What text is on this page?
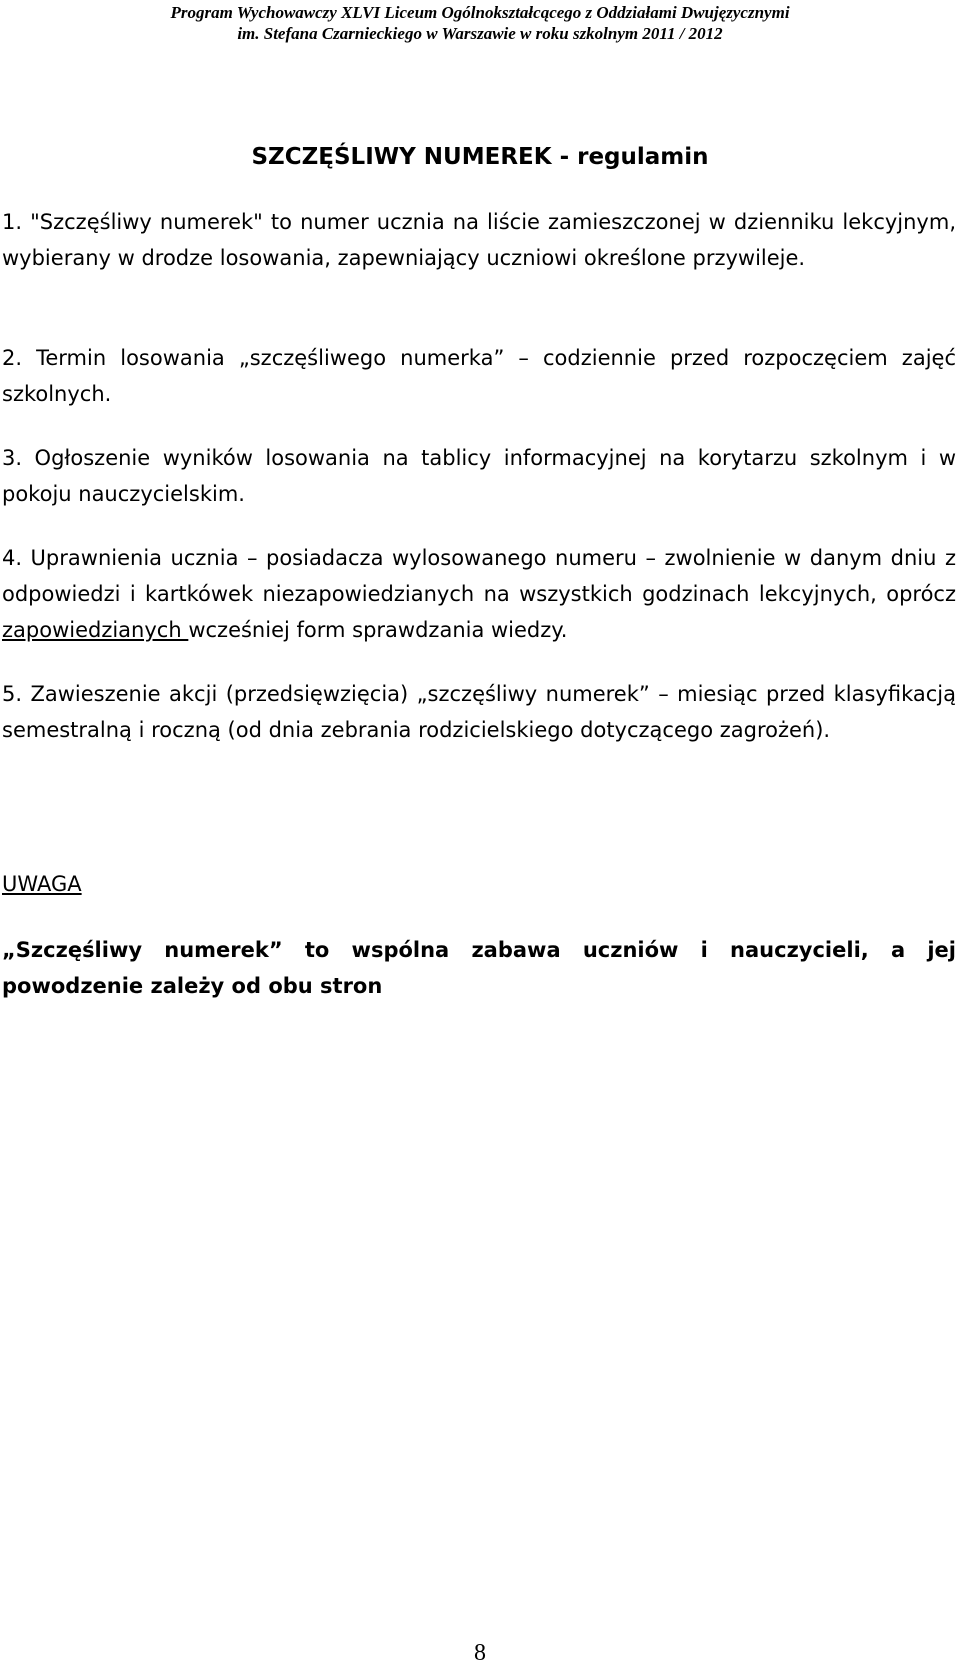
Program Wychowawczy XLVI Liceum Ogólnokształcącego z Oddziałami Dwujęzycznymi
im. Stefana Czarnieckiego w Warszawie w roku szkolnym 2011 / 2012
SZCZĘŚLIWY NUMEREK - regulamin

1. "Szczęśliwy numerek" to numer ucznia na liście zamieszczonej w dzienniku lekcyjnym, wybierany w drodze losowania, zapewniający uczniowi określone przywileje.

2. Termin losowania „szczęśliwego numerka” – codziennie przed rozpoczęciem zajęć szkolnych.

3. Ogłoszenie wyników losowania na tablicy informacyjnej na korytarzu szkolnym i w pokoju nauczycielskim.

4. Uprawnienia ucznia – posiadacza wylosowanego numeru – zwolnienie w danym dniu z odpowiedzi i kartkówek niezapowiedzianych na wszystkich godzinach lekcyjnych, oprócz zapowiedzianych wcześniej form sprawdzania wiedzy.

5. Zawieszenie akcji (przedsięwzięcia) „szczęśliwy numerek” – miesiąc przed klasyfikacją semestralną i roczną (od dnia zebrania rodzicielskiego dotyczącego zagrożeń).

UWAGA

„Szczęśliwy numerek” to wspólna zabawa uczniów i nauczycieli, a jej powodzenie zależy od obu stron

8
